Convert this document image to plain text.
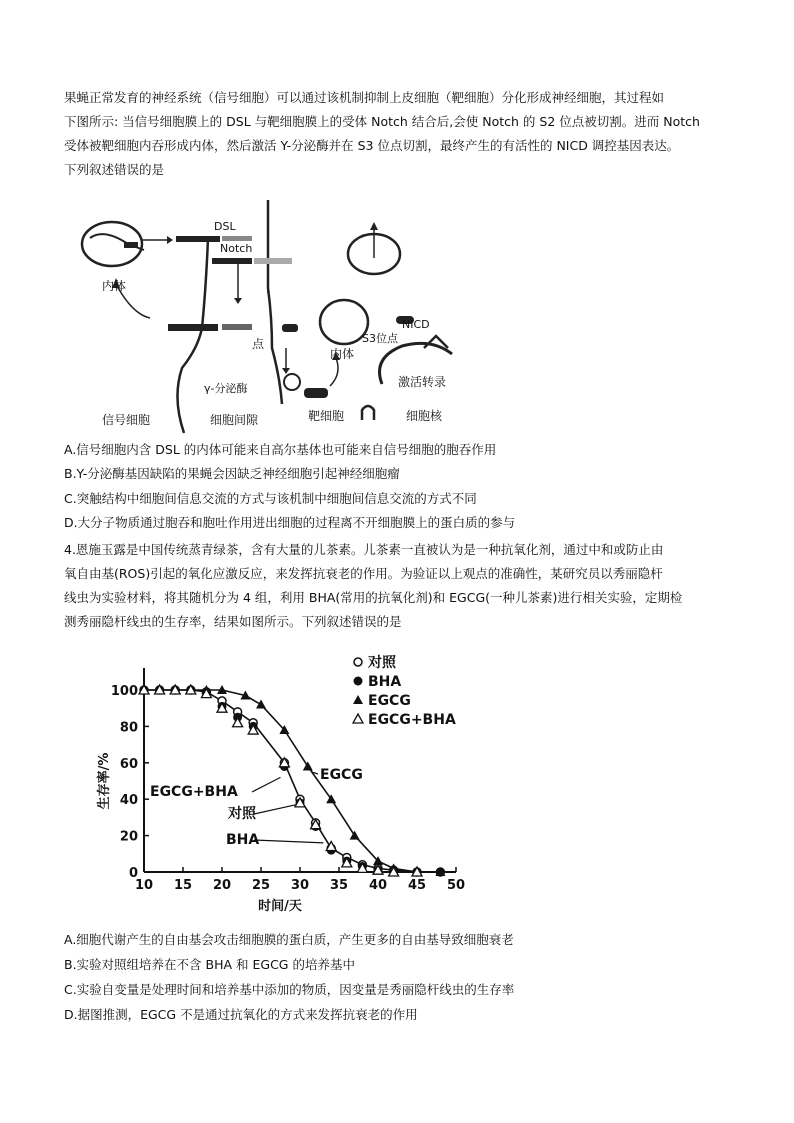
果蝇正常发育的神经系统（信号细胞）可以通过该机制抑制上皮细胞（靶细胞）分化形成神经细胞，其过程如

下图所示: 当信号细胞膜上的 DSL 与靶细胞膜上的受体 Notch 结合后,会使 Notch 的 S2 位点被切割。进而 Notch

受体被靶细胞内吞形成内体，然后激活 Y-分泌酶并在 S3 位点切割，最终产生的有活性的 NICD 调控基因表达。

下列叙述错误的是

DSL
Notch
内体
点
γ-分泌酶
信号细胞	细胞间隙
内体
S3位点
NICD
激活转录
靶细胞	细胞核
A.信号细胞内含 DSL 的内体可能来自高尔基体也可能来自信号细胞的胞吞作用
B.Y-分泌酶基因缺陷的果蝇会因缺乏神经细胞引起神经细胞瘤
C.突触结构中细胞间信息交流的方式与该机制中细胞间信息交流的方式不同
D.大分子物质通过胞吞和胞吐作用进出细胞的过程离不开细胞膜上的蛋白质的参与

4.恩施玉露是中国传统蒸青绿茶，含有大量的儿茶素。儿茶素一直被认为是一种抗氧化剂，通过中和或防止由

氧自由基(ROS)引起的氧化应激反应，来发挥抗衰老的作用。为验证以上观点的准确性，某研究员以秀丽隐杆

线虫为实验材料，将其随机分为 4 组，利用 BHA(常用的抗氧化剂)和 EGCG(一种儿茶素)进行相关实验，定期检

测秀丽隐杆线虫的生存率，结果如图所示。下列叙述错误的是

10 15 20 25 30 35 40 45 50
0
20
40
60
80
100
对照
BHA
EGCG
EGCG+BHA
EGCG
EGCG+BHA
对照
BHA
时间/天
生存率/%
A.细胞代谢产生的自由基会攻击细胞膜的蛋白质，产生更多的自由基导致细胞衰老
B.实验对照组培养在不含 BHA 和 EGCG 的培养基中
C.实验自变量是处理时间和培养基中添加的物质，因变量是秀丽隐杆线虫的生存率
D.据图推测，EGCG 不是通过抗氧化的方式来发挥抗衰老的作用
